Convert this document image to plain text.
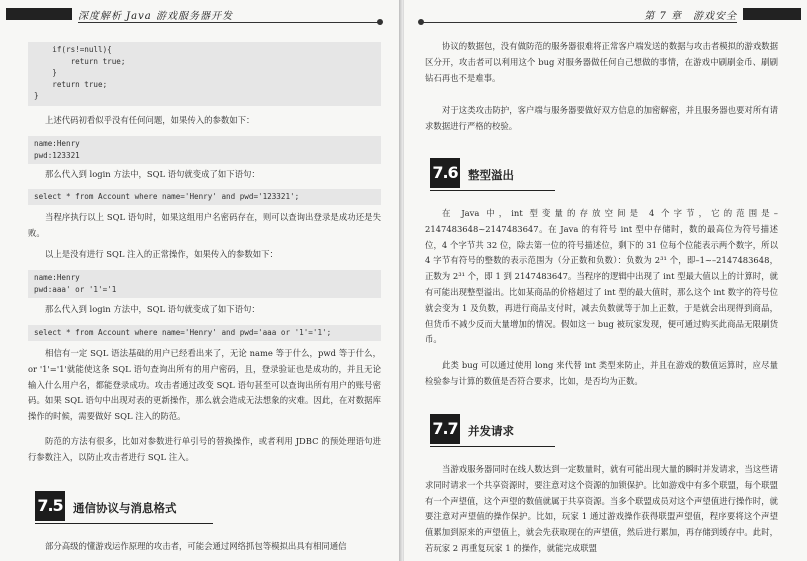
深度解析 Java 游戏服务器开发
if(rs!=null){
return true;
}
return true;
}
上述代码初看似乎没有任何问题，如果传入的参数如下：
name:Henry
pwd:123321
那么代入到 login 方法中，SQL 语句就变成了如下语句：
select * from Account where name='Henry' and pwd='123321';
当程序执行以上 SQL 语句时，如果这组用户名密码存在，则可以查询出登录是成功还是失败。
以上是没有进行 SQL 注入的正常操作，如果传入的参数如下：
name:Henry
pwd:aaa' or '1'='1
那么代入到 login 方法中，SQL 语句就变成了如下语句：
select * from Account where name='Henry' and pwd='aaa or '1'='1';
相信有一定 SQL 语法基础的用户已经看出来了，无论 name 等于什么，pwd 等于什么，or '1'='1'就能使这条 SQL 语句查询出所有的用户密码，且，登录验证也是成功的，并且无论输入什么用户名，都能登录成功。攻击者通过改变 SQL 语句甚至可以查询出所有用户的账号密码。如果 SQL 语句中出现对表的更新操作，那么就会造成无法想象的灾难。因此，在对数据库操作的时候，需要做好 SQL 注入的防范。
防范的方法有很多，比如对参数进行单引号的替换操作，或者利用 JDBC 的预处理语句进行参数注入，以防止攻击者进行 SQL 注入。
7.5 通信协议与消息格式
部分高级的懂游戏运作原理的攻击者，可能会通过网络抓包等模拟出具有相同通信
第 7 章　游戏安全
协议的数据包，没有做防范的服务器很难将正常客户端发送的数据与攻击者模拟的游戏数据区分开，攻击者可以利用这个 bug 对服务器做任何自己想做的事情，在游戏中刷刷金币、刷刷钻石再也不是难事。
对于这类攻击防护，客户端与服务器要做好双方信息的加密解密，并且服务器也要对所有请求数据进行严格的校验。
7.6 整型溢出
在 Java 中，int 型变量的存放空间是 4 个字节，它的范围是–2147483648~2147483647。在 Java 的有符号 int 型中存储时，数的最高位为符号描述位，4 个字节共 32 位，除去第一位的符号描述位，剩下的 31 位每个位能表示两个数字，所以 4 字节有符号的整数的表示范围为（分正数和负数）：负数为 2³¹ 个，即–1~–2147483648，正数为 2³¹ 个，即 1 到 2147483647。当程序的逻辑中出现了 int 型最大值以上的计算时，就有可能出现整型溢出。比如某商品的价格超过了 int 型的最大值时，那么这个 int 数字的符号位就会变为 1 及负数，再进行商品支付时，减去负数就等于加上正数，于是就会出现得到商品，但货币不减少反而大量增加的情况。假如这一 bug 被玩家发现，便可通过购买此商品无限刷货币。
此类 bug 可以通过使用 long 来代替 int 类型来防止，并且在游戏的数值运算时，应尽量检验参与计算的数值是否符合要求，比如，是否均为正数。
7.7 并发请求
当游戏服务器同时在线人数达到一定数量时，就有可能出现大量的瞬时并发请求，当这些请求同时请求一个共享资源时，要注意对这个资源的加锁保护。比如游戏中有多个联盟，每个联盟有一个声望值，这个声望的数值就属于共享资源。当多个联盟成员对这个声望值进行操作时，就要注意对声望值的操作保护。比如，玩家 1 通过游戏操作获得联盟声望值，程序要将这个声望值累加到原来的声望值上，就会先获取现在的声望值，然后进行累加，再存储到缓存中。此时，若玩家 2 再重复玩家 1 的操作，就能完成联盟
